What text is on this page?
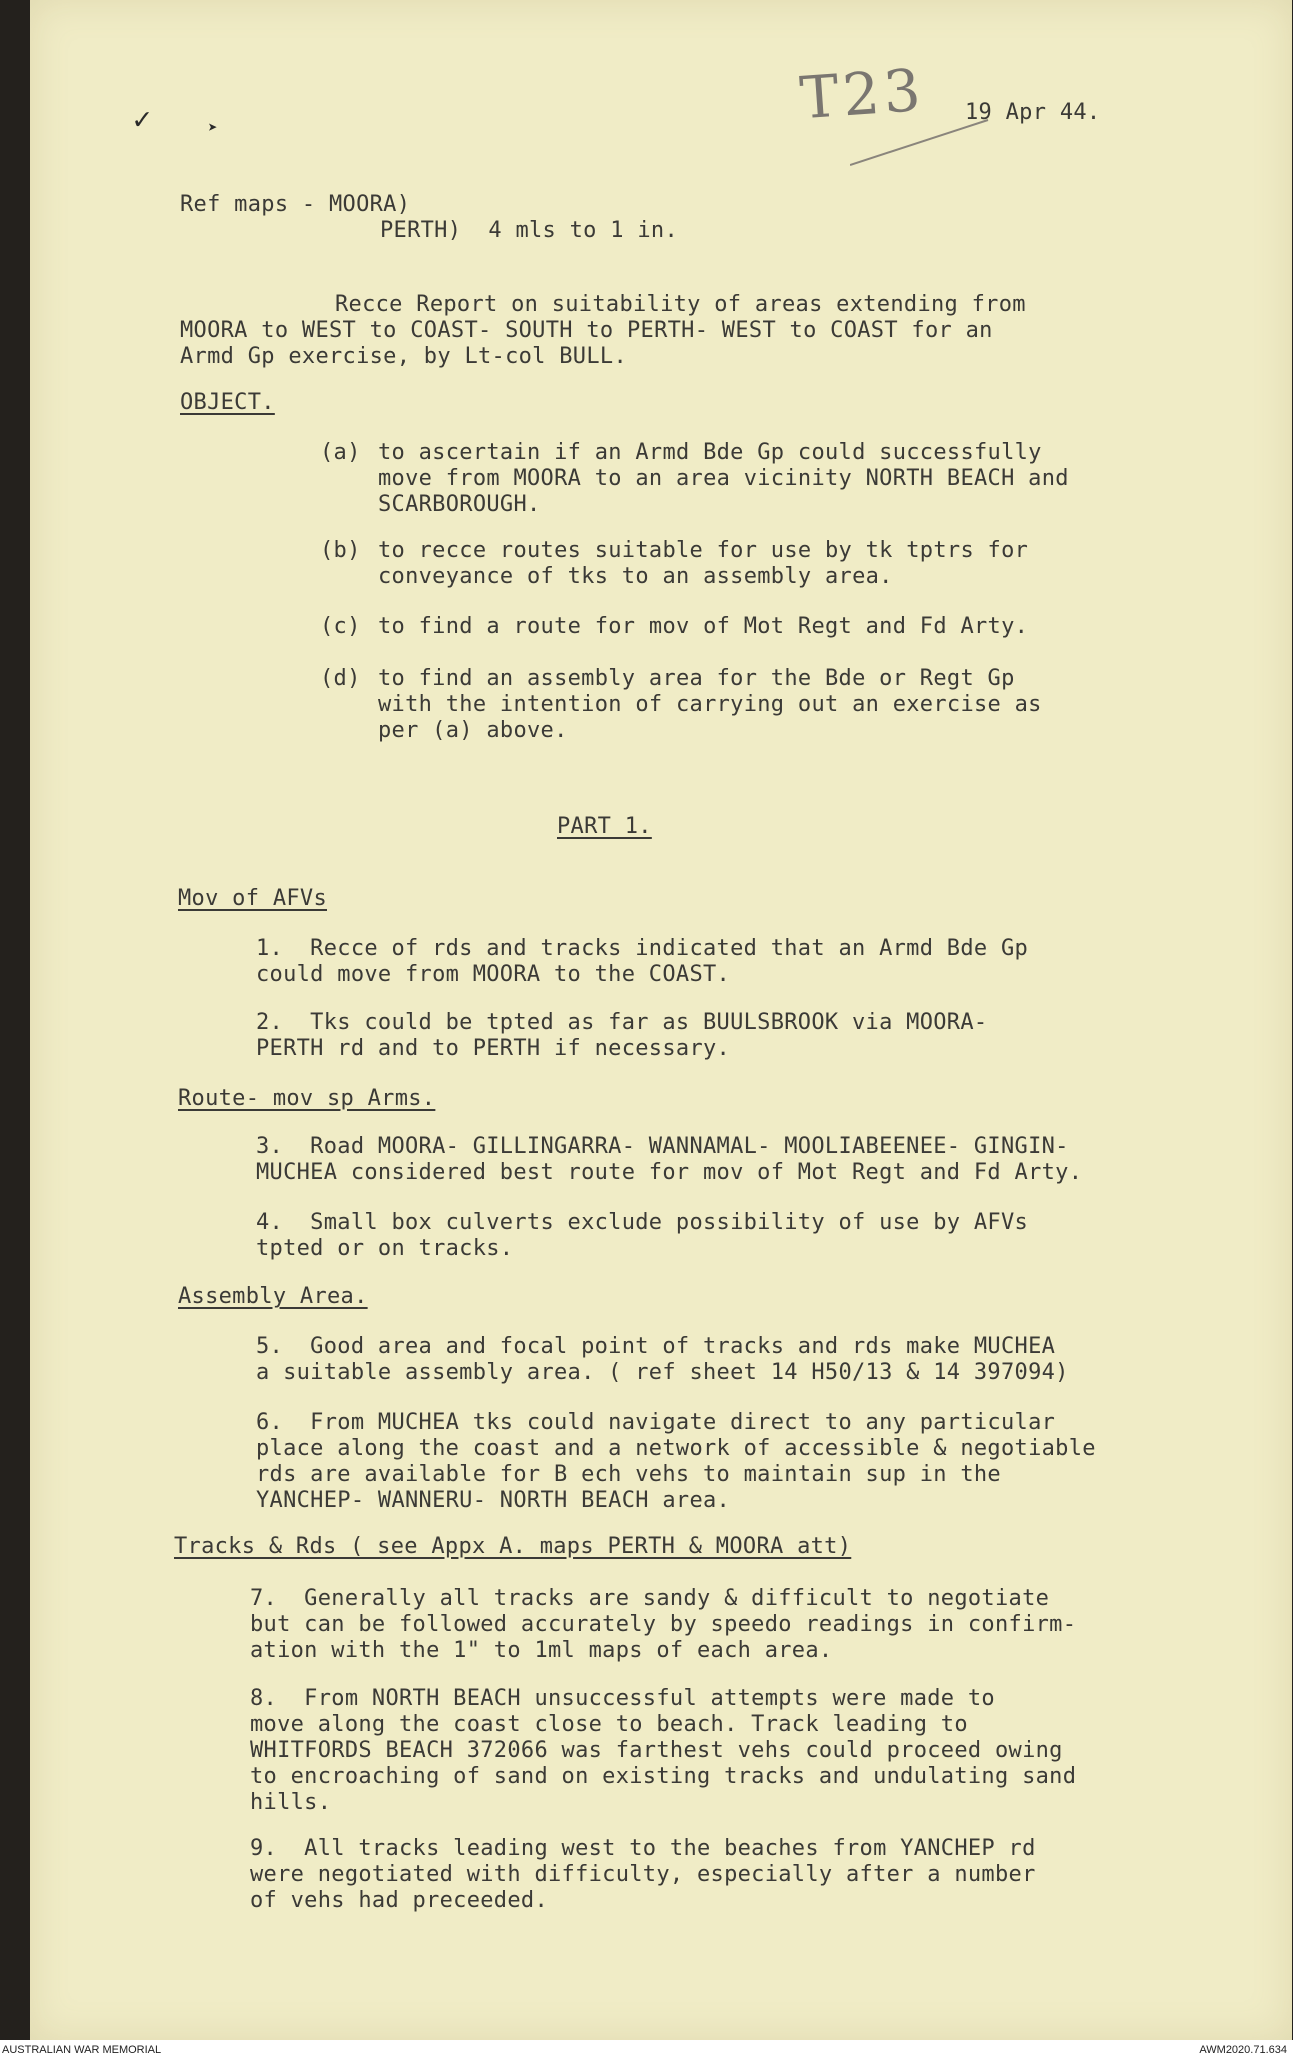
✓	➤	T23 19 Apr 44.
Ref maps - MOORA)
PERTH)  4 mls to 1 in.
Recce Report on suitability of areas extending from
MOORA to WEST to COAST- SOUTH to PERTH- WEST to COAST for an
Armd Gp exercise, by Lt-col BULL.
OBJECT.
(a) to ascertain if an Armd Bde Gp could successfully
move from MOORA to an area vicinity NORTH BEACH and
SCARBOROUGH.
(b) to recce routes suitable for use by tk tptrs for
conveyance of tks to an assembly area.
(c) to find a route for mov of Mot Regt and Fd Arty.
(d) to find an assembly area for the Bde or Regt Gp
with the intention of carrying out an exercise as
per (a) above.
PART 1.
Mov of AFVs
1.  Recce of rds and tracks indicated that an Armd Bde Gp
could move from MOORA to the COAST.
2.  Tks could be tpted as far as BUULSBROOK via MOORA-
PERTH rd and to PERTH if necessary.
Route- mov sp Arms.
3.  Road MOORA- GILLINGARRA- WANNAMAL- MOOLIABEENEE- GINGIN-
MUCHEA considered best route for mov of Mot Regt and Fd Arty.
4.  Small box culverts exclude possibility of use by AFVs
tpted or on tracks.
Assembly Area.
5.  Good area and focal point of tracks and rds make MUCHEA
a suitable assembly area. ( ref sheet 14 H50/13 & 14 397094)
6.  From MUCHEA tks could navigate direct to any particular
place along the coast and a network of accessible & negotiable
rds are available for B ech vehs to maintain sup in the
YANCHEP- WANNERU- NORTH BEACH area.
Tracks & Rds ( see Appx A. maps PERTH & MOORA att)
7.  Generally all tracks are sandy & difficult to negotiate
but can be followed accurately by speedo readings in confirm-
ation with the 1" to 1ml maps of each area.
8.  From NORTH BEACH unsuccessful attempts were made to
move along the coast close to beach. Track leading to
WHITFORDS BEACH 372066 was farthest vehs could proceed owing
to encroaching of sand on existing tracks and undulating sand
hills.
9.  All tracks leading west to the beaches from YANCHEP rd
were negotiated with difficulty, especially after a number
of vehs had preceeded.
AUSTRALIAN WAR MEMORIAL	AWM2020.71.634
